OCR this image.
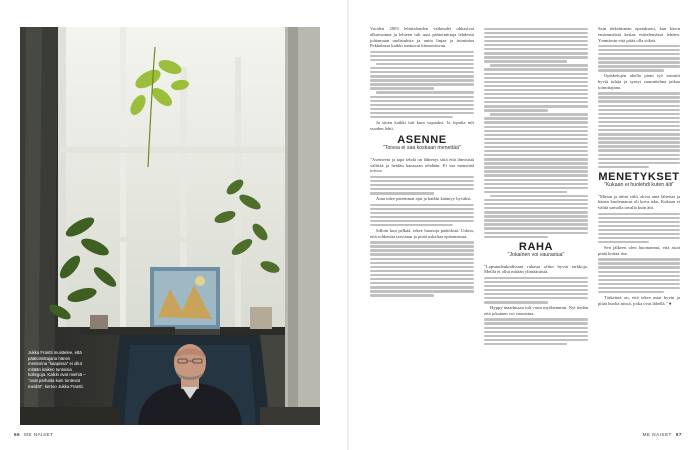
Jukka Frantti muistelee, että päätoimittajana hänen mentorina "kaapissa" ei ollut mitään kaiken tuntoisia kollegoja. Kaikki ovat miehiä – "ovat parhaita kuin tuntevat meidät", kertoo Jukka Frantti.

Vuoden 2003 lehtitalouden vaikeudet uhkasivat alkuvuonna ja lehteen tuli uusi päätoimittaja lehdessä johtamaan uudistuksia ja uutta linjaa ja toimintaa Pekkalassa kaikki tuntuivat kiinnostuvan.

Ja sitten kaikki tuli kuin vapaaksi. Ja lopulta tuli vuoden lehti.

ASENNE
"Toivoa ei saa koskaan menettää"

"Asenteeni ja tapa tehdä on lähtenyt siitä että ihmisistä välittää ja heidän kanssaan tehdään. Ei saa menettää toivoa.

Aina tulee paremmat ajat ja kaikki kääntyy hyväksi.

Silloin kun pelkää, tekee huonoja päätöksiä. Uskon, että rohkeutta tarvitaan ja pitää uskaltaa epäonnistua.

RAHA
"Jokainen voi vaurastua"

"Lapsuudenkodissani rahasta oltiin hyvin tarkkoja. Meillä ei ollut mitään ylimääräistä.

Hyppy maailmaan tuli vasta myöhemmin. Nyt tiedän että jokainen voi vaurastua.

Sain tärkeimmän opetukseni, kun kävin ensimmäistä kertaa esittelemässä lehden. Ymmärsin että pitää olla sitkeä.

Opiskelujen ohella pieni työ toimitti hyviä tuloja ja syntyi suunnitelma jatkaa toimittajana.

MENETYKSET
"Kukaan ei huolehdi kuten äiti"

"Minun ja äitini välit olivat aina läheiset ja hänen kuolemansa oli kova isku. Kukaan ei välitä samalla tavalla kuin äiti.

Sen jälkeen olen huomannut, että asiat pitää hoitaa itse.

Tärkeintä on, että tekee asiat hyvin ja pitää huolta niistä, jotka ovat lähellä." ●

66 ME NAISET	ME NAISET 67
